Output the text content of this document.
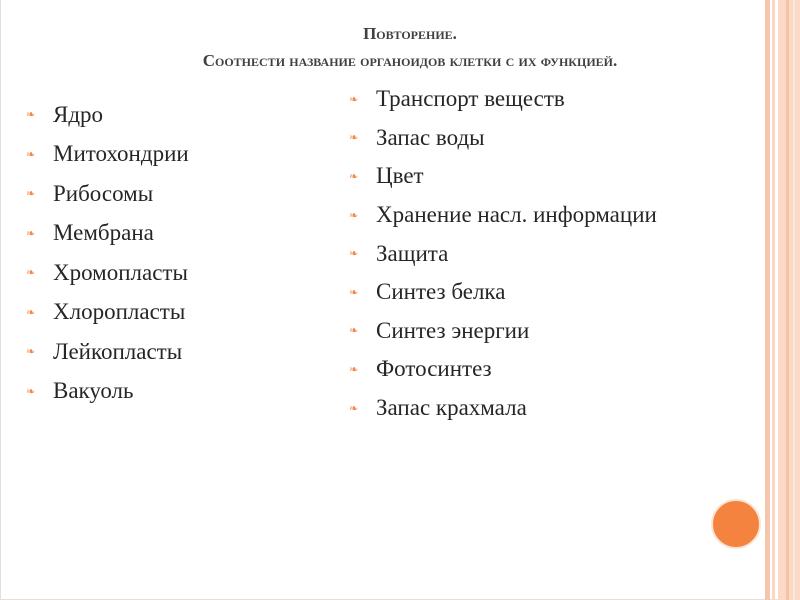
Повторение.
Соотнести название органоидов клетки с их функцией.
❧ Ядро
❧ Митохондрии
❧ Рибосомы
❧ Мембрана
❧ Хромопласты
❧ Хлоропласты
❧ Лейкопласты
❧ Вакуоль
❧ Транспорт веществ
❧ Запас воды
❧ Цвет
❧ Хранение насл. информации
❧ Защита
❧ Синтез белка
❧ Синтез энергии
❧ Фотосинтез
❧ Запас крахмала
